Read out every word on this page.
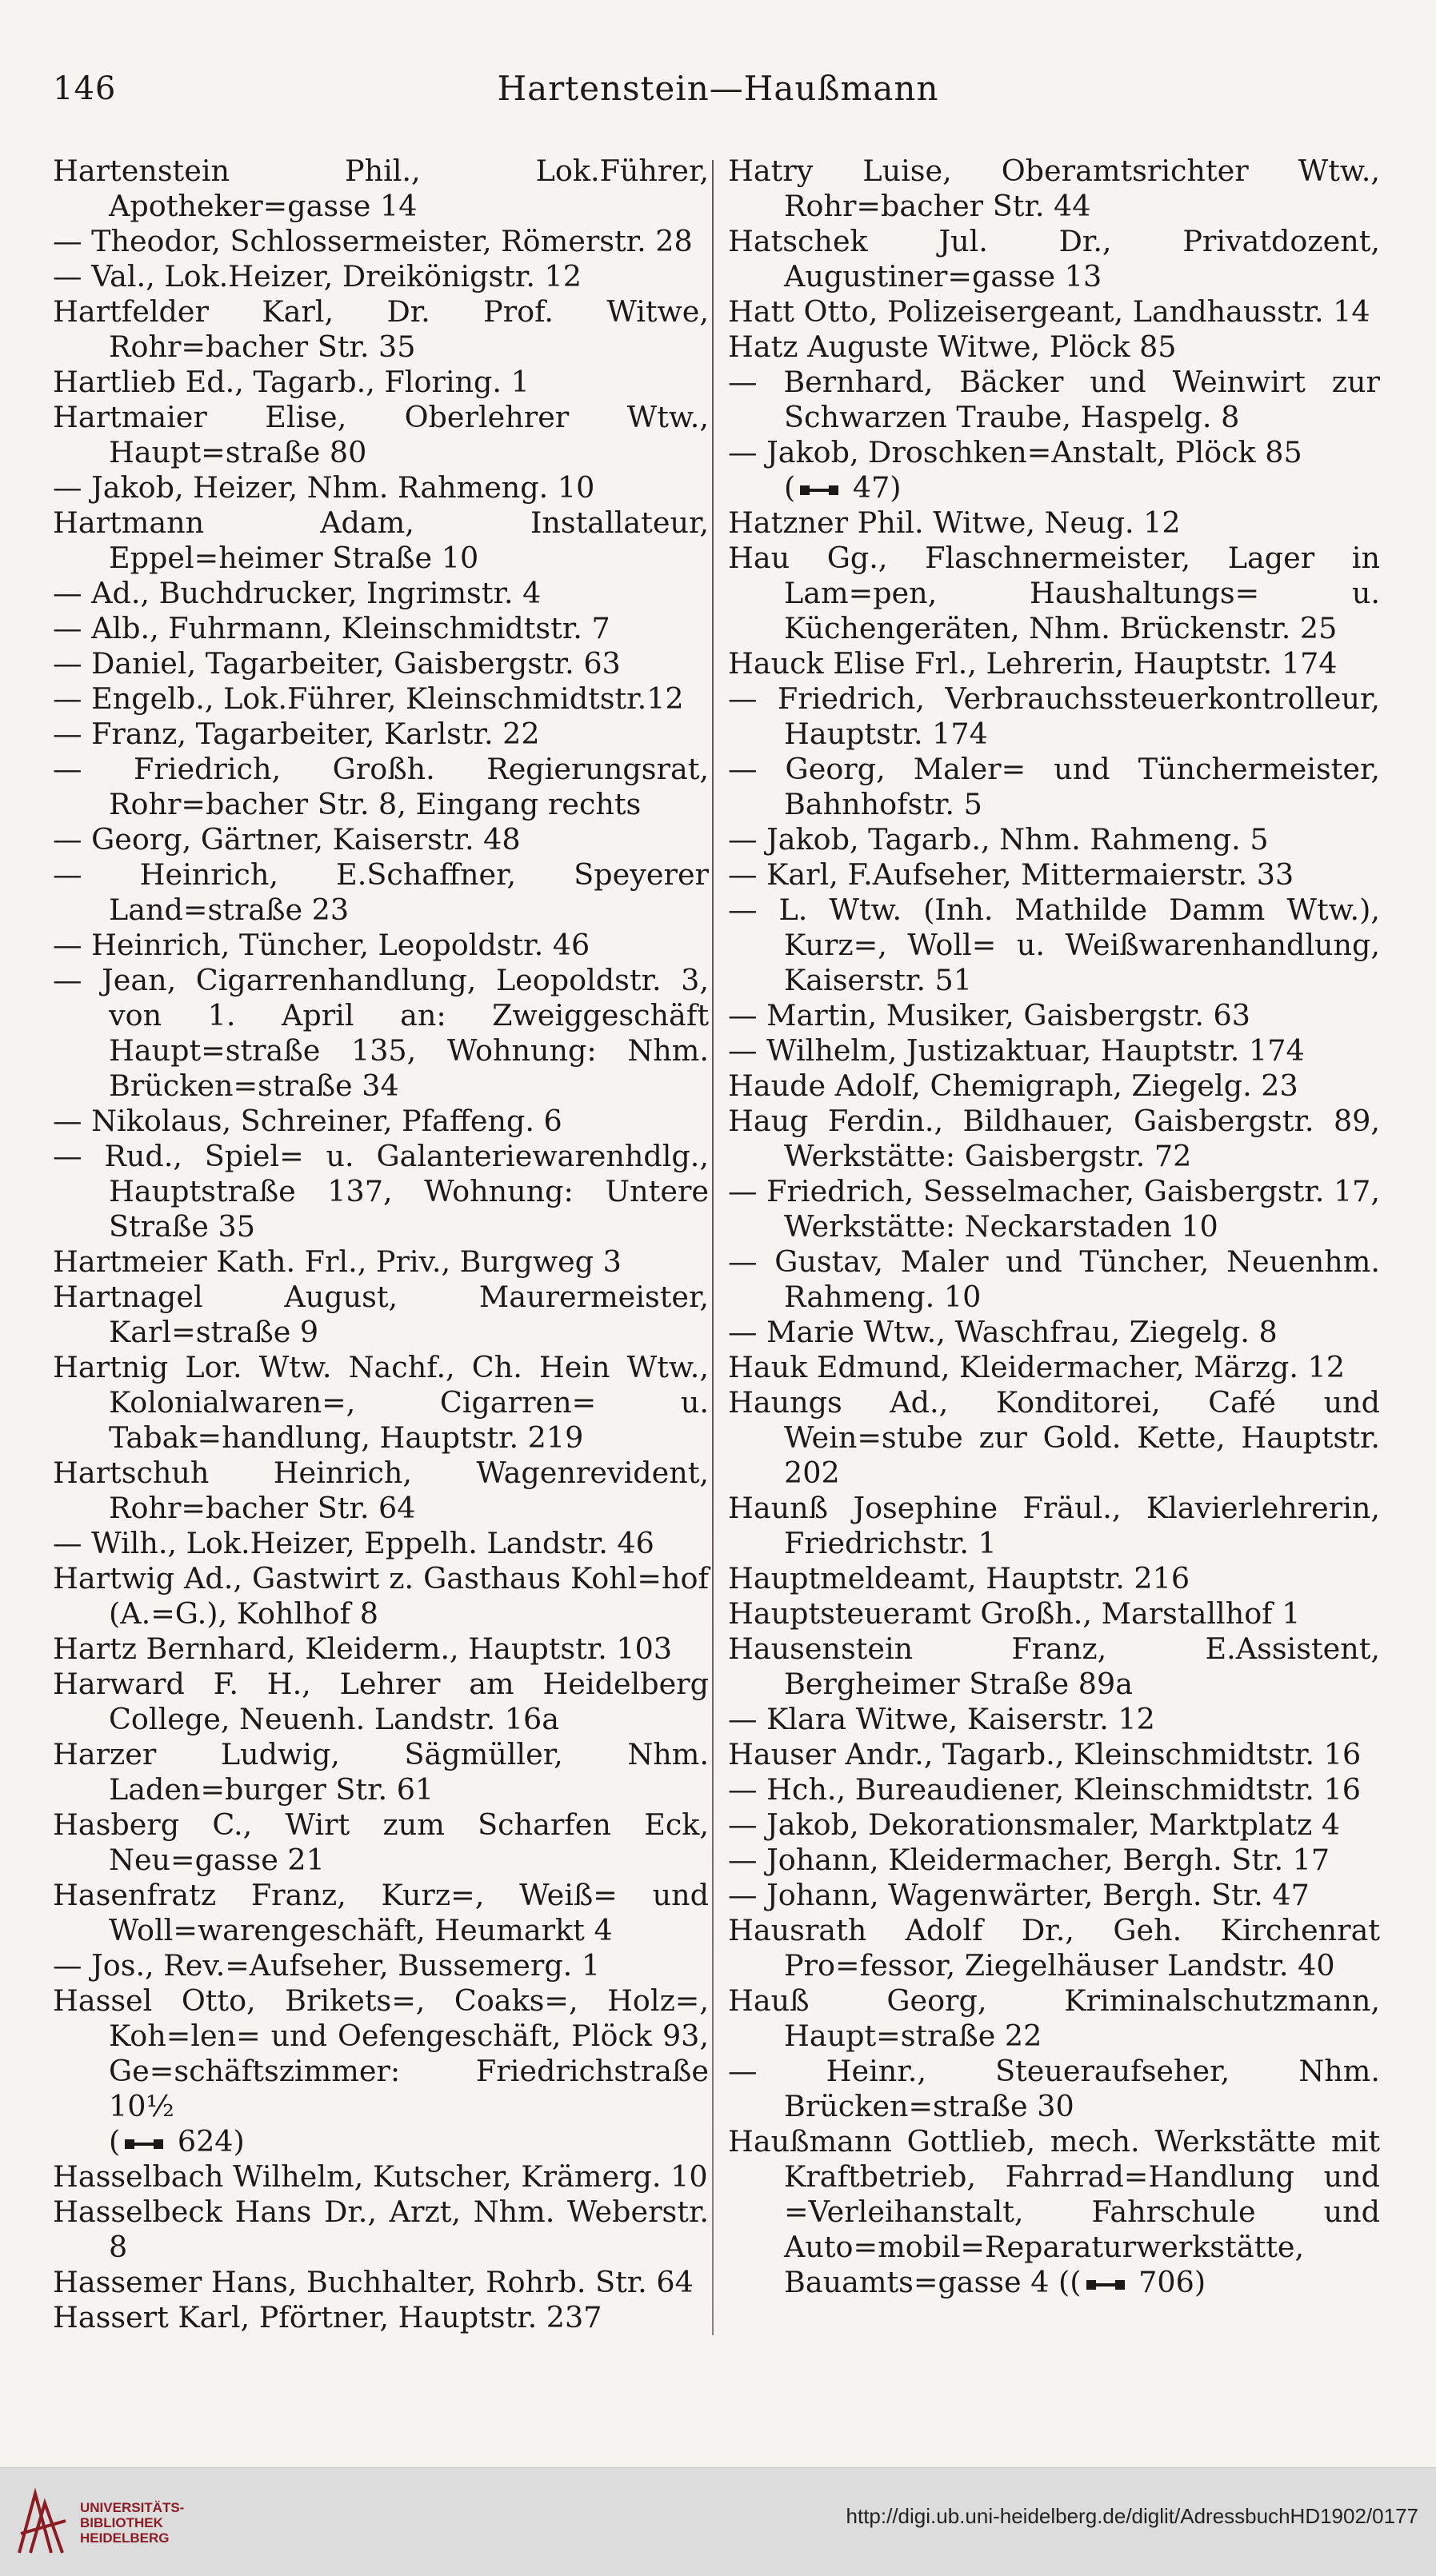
146	Hartenstein—Haußmann

Hartenstein Phil., Lok.Führer, Apotheker=gasse 14

— Theodor, Schlossermeister, Römerstr. 28

— Val., Lok.Heizer, Dreikönigstr. 12

Hartfelder Karl, Dr. Prof. Witwe, Rohr=bacher Str. 35

Hartlieb Ed., Tagarb., Floring. 1

Hartmaier Elise, Oberlehrer Wtw., Haupt=straße 80

— Jakob, Heizer, Nhm. Rahmeng. 10

Hartmann Adam, Installateur, Eppel=heimer Straße 10

— Ad., Buchdrucker, Ingrimstr. 4

— Alb., Fuhrmann, Kleinschmidtstr. 7

— Daniel, Tagarbeiter, Gaisbergstr. 63

— Engelb., Lok.Führer, Kleinschmidtstr.12

— Franz, Tagarbeiter, Karlstr. 22

— Friedrich, Großh. Regierungsrat, Rohr=bacher Str. 8, Eingang rechts

— Georg, Gärtner, Kaiserstr. 48

— Heinrich, E.Schaffner, Speyerer Land=straße 23

— Heinrich, Tüncher, Leopoldstr. 46

— Jean, Cigarrenhandlung, Leopoldstr. 3, von 1. April an: Zweiggeschäft Haupt=straße 135, Wohnung: Nhm. Brücken=straße 34

— Nikolaus, Schreiner, Pfaffeng. 6

— Rud., Spiel= u. Galanteriewarenhdlg., Hauptstraße 137, Wohnung: Untere Straße 35

Hartmeier Kath. Frl., Priv., Burgweg 3

Hartnagel August, Maurermeister, Karl=straße 9

Hartnig Lor. Wtw. Nachf., Ch. Hein Wtw., Kolonialwaren=, Cigarren= u. Tabak=handlung, Hauptstr. 219

Hartschuh Heinrich, Wagenrevident, Rohr=bacher Str. 64

— Wilh., Lok.Heizer, Eppelh. Landstr. 46

Hartwig Ad., Gastwirt z. Gasthaus Kohl=hof (A.=G.), Kohlhof 8

Hartz Bernhard, Kleiderm., Hauptstr. 103

Harward F. H., Lehrer am Heidelberg College, Neuenh. Landstr. 16a

Harzer Ludwig, Sägmüller, Nhm. Laden=burger Str. 61

Hasberg C., Wirt zum Scharfen Eck, Neu=gasse 21

Hasenfratz Franz, Kurz=, Weiß= und Woll=warengeschäft, Heumarkt 4

— Jos., Rev.=Aufseher, Bussemerg. 1

Hassel Otto, Brikets=, Coaks=, Holz=, Koh=len= und Oefengeschäft, Plöck 93, Ge=schäftszimmer: Friedrichstraße 10½

( 624)

Hasselbach Wilhelm, Kutscher, Krämerg. 10

Hasselbeck Hans Dr., Arzt, Nhm. Weberstr. 8

Hassemer Hans, Buchhalter, Rohrb. Str. 64

Hassert Karl, Pförtner, Hauptstr. 237

Hatry Luise, Oberamtsrichter Wtw., Rohr=bacher Str. 44

Hatschek Jul. Dr., Privatdozent, Augustiner=gasse 13

Hatt Otto, Polizeisergeant, Landhausstr. 14

Hatz Auguste Witwe, Plöck 85

— Bernhard, Bäcker und Weinwirt zur Schwarzen Traube, Haspelg. 8

— Jakob, Droschken=Anstalt, Plöck 85

( 47)

Hatzner Phil. Witwe, Neug. 12

Hau Gg., Flaschnermeister, Lager in Lam=pen, Haushaltungs= u. Küchengeräten, Nhm. Brückenstr. 25

Hauck Elise Frl., Lehrerin, Hauptstr. 174

— Friedrich, Verbrauchssteuerkontrolleur, Hauptstr. 174

— Georg, Maler= und Tünchermeister, Bahnhofstr. 5

— Jakob, Tagarb., Nhm. Rahmeng. 5

— Karl, F.Aufseher, Mittermaierstr. 33

— L. Wtw. (Inh. Mathilde Damm Wtw.), Kurz=, Woll= u. Weißwarenhandlung, Kaiserstr. 51

— Martin, Musiker, Gaisbergstr. 63

— Wilhelm, Justizaktuar, Hauptstr. 174

Haude Adolf, Chemigraph, Ziegelg. 23

Haug Ferdin., Bildhauer, Gaisbergstr. 89, Werkstätte: Gaisbergstr. 72

— Friedrich, Sesselmacher, Gaisbergstr. 17, Werkstätte: Neckarstaden 10

— Gustav, Maler und Tüncher, Neuenhm. Rahmeng. 10

— Marie Wtw., Waschfrau, Ziegelg. 8

Hauk Edmund, Kleidermacher, Märzg. 12

Haungs Ad., Konditorei, Café und Wein=stube zur Gold. Kette, Hauptstr. 202

Haunß Josephine Fräul., Klavierlehrerin, Friedrichstr. 1

Hauptmeldeamt, Hauptstr. 216

Hauptsteueramt Großh., Marstallhof 1

Hausenstein Franz, E.Assistent, Bergheimer Straße 89a

— Klara Witwe, Kaiserstr. 12

Hauser Andr., Tagarb., Kleinschmidtstr. 16

— Hch., Bureaudiener, Kleinschmidtstr. 16

— Jakob, Dekorationsmaler, Marktplatz 4

— Johann, Kleidermacher, Bergh. Str. 17

— Johann, Wagenwärter, Bergh. Str. 47

Hausrath Adolf Dr., Geh. Kirchenrat Pro=fessor, Ziegelhäuser Landstr. 40

Hauß Georg, Kriminalschutzmann, Haupt=straße 22

— Heinr., Steueraufseher, Nhm. Brücken=straße 30

Haußmann Gottlieb, mech. Werkstätte mit Kraftbetrieb, Fahrrad=Handlung und =Verleihanstalt, Fahrschule und Auto=mobil=Reparaturwerkstätte, Bauamts=gasse 4 (( 706)

UNIVERSITÄTS-
BIBLIOTHEK
HEIDELBERG
http://digi.ub.uni-heidelberg.de/diglit/AdressbuchHD1902/0177
